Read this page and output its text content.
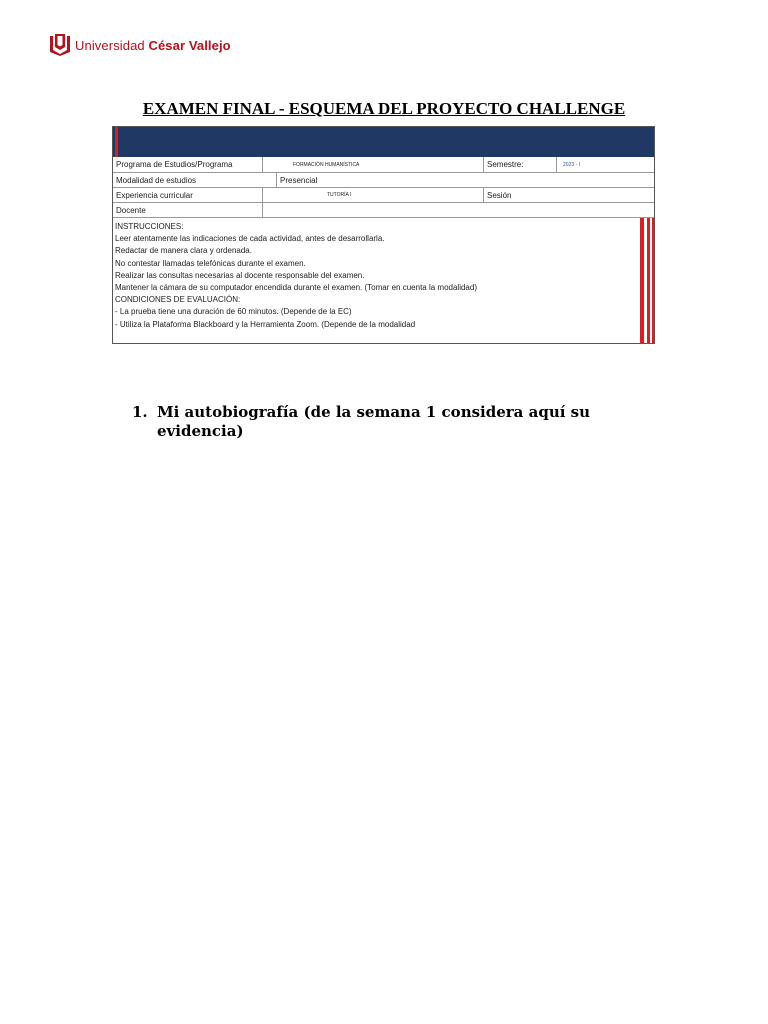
Universidad César Vallejo
EXAMEN FINAL - ESQUEMA DEL PROYECTO CHALLENGE
Programa de Estudios/Programa	FORMACIÓN HUMANÍSTICA	Semestre:	2023 - I
Modalidad de estudios	Presencial
Experiencia curricular	TUTORÍA I	Sesión
Docente
INSTRUCCIONES:
Leer atentamente las indicaciones de cada actividad, antes de desarrollarla.
Redactar de manera clara y ordenada.
No contestar llamadas telefónicas durante el examen.
Realizar las consultas necesarias al docente responsable del examen.
Mantener la cámara de su computador encendida durante el examen. (Tomar en cuenta la modalidad)
CONDICIONES DE EVALUACIÓN:
- La prueba tiene una duración de 60 minutos. (Depende de la EC)
- Utiliza la Plataforma Blackboard y la Herramienta Zoom. (Depende de la modalidad
1. Mi autobiografía (de la semana 1 considera aquí su evidencia)
